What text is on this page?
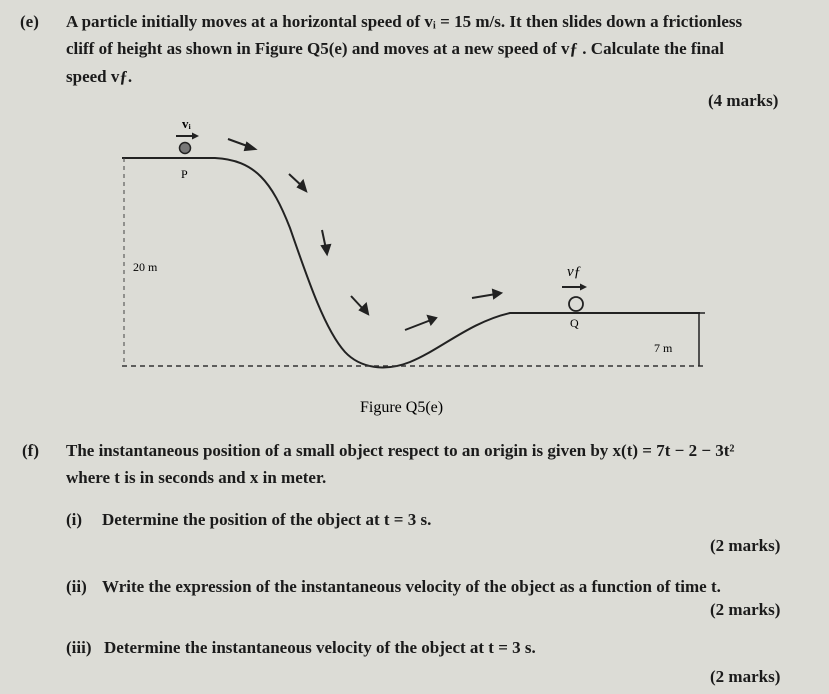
(e) A particle initially moves at a horizontal speed of vᵢ = 15 m/s. It then slides down a frictionless
cliff of height as shown in Figure Q5(e) and moves at a new speed of vƒ . Calculate the final
speed vƒ.
(4 marks)
vᵢ
P
20 m	vƒ
Q
7 m
Figure Q5(e)
(f) The instantaneous position of a small object respect to an origin is given by x(t) = 7t − 2 − 3t²
where t is in seconds and x in meter.
(i) Determine the position of the object at t = 3 s.
(2 marks)
(ii) Write the expression of the instantaneous velocity of the object as a function of time t.
(2 marks)
(iii) Determine the instantaneous velocity of the object at t = 3 s.
(2 marks)
